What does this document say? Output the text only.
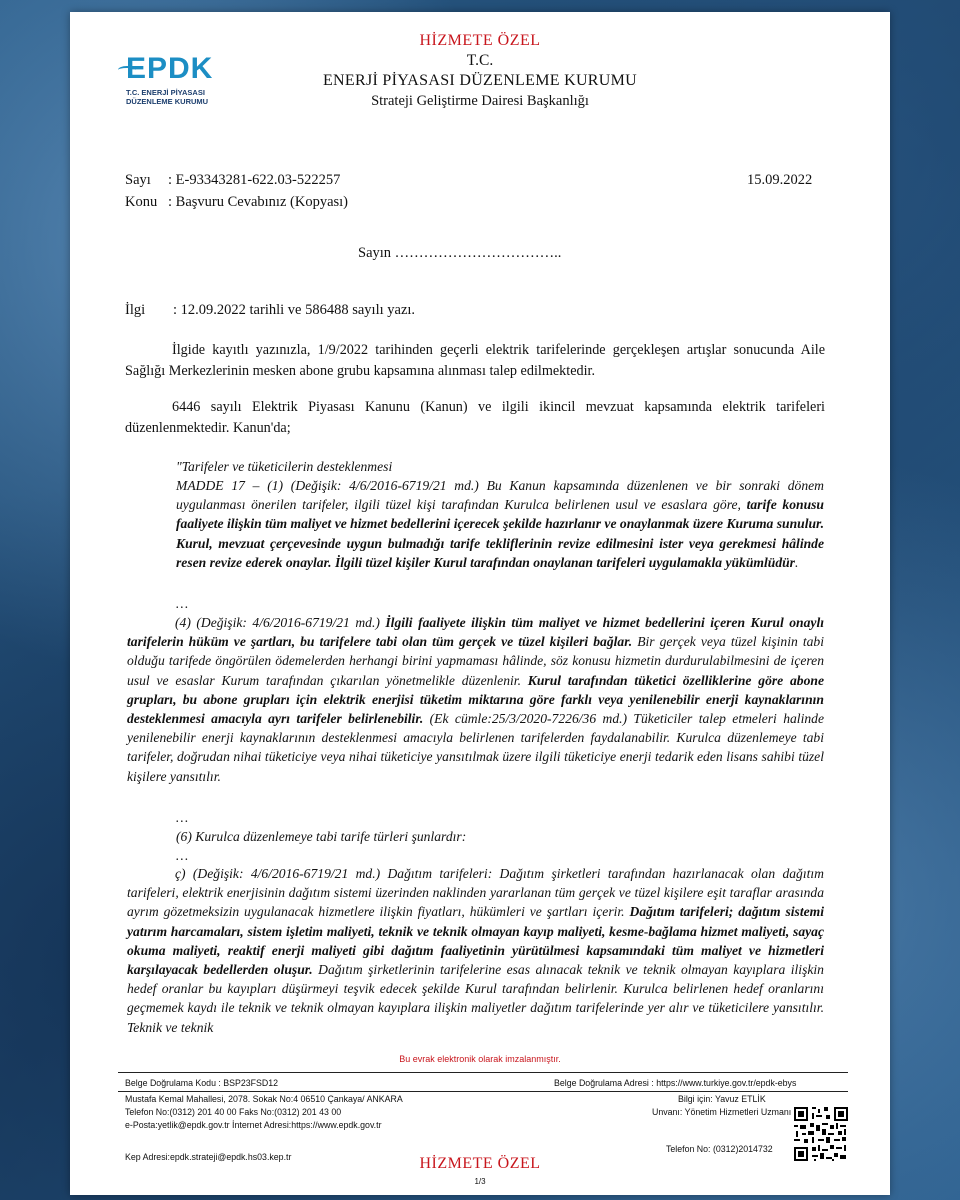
HİZMETE ÖZEL
EPDK
T.C. ENERJİ PİYASASI
DÜZENLEME KURUMU
T.C.
ENERJİ PİYASASI DÜZENLEME KURUMU
Strateji Geliştirme Dairesi Başkanlığı
Sayı : E-93343281-622.03-522257	15.09.2022
Konu : Başvuru Cevabınız (Kopyası)
Sayın ……………………………..
İlgi : 12.09.2022 tarihli ve 586488 sayılı yazı.
İlgide kayıtlı yazınızla, 1/9/2022 tarihinden geçerli elektrik tarifelerinde gerçekleşen artışlar sonucunda Aile Sağlığı Merkezlerinin mesken abone grubu kapsamına alınması talep edilmektedir.
6446 sayılı Elektrik Piyasası Kanunu (Kanun) ve ilgili ikincil mevzuat kapsamında elektrik tarifeleri düzenlenmektedir. Kanun'da;
"Tarifeler ve tüketicilerin desteklenmesi
MADDE 17 – (1) (Değişik: 4/6/2016-6719/21 md.) Bu Kanun kapsamında düzenlenen ve bir sonraki dönem uygulanması önerilen tarifeler, ilgili tüzel kişi tarafından Kurulca belirlenen usul ve esaslara göre, tarife konusu faaliyete ilişkin tüm maliyet ve hizmet bedellerini içerecek şekilde hazırlanır ve onaylanmak üzere Kuruma sunulur. Kurul, mevzuat çerçevesinde uygun bulmadığı tarife tekliflerinin revize edilmesini ister veya gerekmesi hâlinde resen revize ederek onaylar. İlgili tüzel kişiler Kurul tarafından onaylanan tarifeleri uygulamakla yükümlüdür.
…
(4) (Değişik: 4/6/2016-6719/21 md.) İlgili faaliyete ilişkin tüm maliyet ve hizmet bedellerini içeren Kurul onaylı tarifelerin hüküm ve şartları, bu tarifelere tabi olan tüm gerçek ve tüzel kişileri bağlar. Bir gerçek veya tüzel kişinin tabi olduğu tarifede öngörülen ödemelerden herhangi birini yapmaması hâlinde, söz konusu hizmetin durdurulabilmesini de içeren usul ve esaslar Kurum tarafından çıkarılan yönetmelikle düzenlenir. Kurul tarafından tüketici özelliklerine göre abone grupları, bu abone grupları için elektrik enerjisi tüketim miktarına göre farklı veya yenilenebilir enerji kaynaklarının desteklenmesi amacıyla ayrı tarifeler belirlenebilir. (Ek cümle:25/3/2020-7226/36 md.) Tüketiciler talep etmeleri halinde yenilenebilir enerji kaynaklarının desteklenmesi amacıyla belirlenen tarifelerden faydalanabilir. Kurulca düzenlemeye tabi tarifeler, doğrudan nihai tüketiciye veya nihai tüketiciye yansıtılmak üzere ilgili tüketiciye enerji tedarik eden lisans sahibi tüzel kişilere yansıtılır.
…
(6) Kurulca düzenlemeye tabi tarife türleri şunlardır:
…
ç) (Değişik: 4/6/2016-6719/21 md.) Dağıtım tarifeleri: Dağıtım şirketleri tarafından hazırlanacak olan dağıtım tarifeleri, elektrik enerjisinin dağıtım sistemi üzerinden naklinden yararlanan tüm gerçek ve tüzel kişilere eşit taraflar arasında ayrım gözetmeksizin uygulanacak hizmetlere ilişkin fiyatları, hükümleri ve şartları içerir. Dağıtım tarifeleri; dağıtım sistemi yatırım harcamaları, sistem işletim maliyeti, teknik ve teknik olmayan kayıp maliyeti, kesme-bağlama hizmet maliyeti, sayaç okuma maliyeti, reaktif enerji maliyeti gibi dağıtım faaliyetinin yürütülmesi kapsamındaki tüm maliyet ve hizmetleri karşılayacak bedellerden oluşur. Dağıtım şirketlerinin tarifelerine esas alınacak teknik ve teknik olmayan kayıplara ilişkin hedef oranlar bu kayıpları düşürmeyi teşvik edecek şekilde Kurul tarafından belirlenir. Kurulca belirlenen hedef oranlarını geçmemek kaydı ile teknik ve teknik olmayan kayıplara ilişkin maliyetler dağıtım tarifelerinde yer alır ve tüketicilere yansıtılır. Teknik ve teknik
Bu evrak elektronik olarak imzalanmıştır.
Belge Doğrulama Kodu : BSP23FSD12	Belge Doğrulama Adresi : https://www.turkiye.gov.tr/epdk-ebys
Mustafa Kemal Mahallesi, 2078. Sokak No:4 06510 Çankaya/ ANKARA
Telefon No:(0312) 201 40 00 Faks No:(0312) 201 43 00
e-Posta:yetlik@epdk.gov.tr İnternet Adresi:https://www.epdk.gov.tr
Kep Adresi:epdk.strateji@epdk.hs03.kep.tr
Bilgi için: Yavuz ETLİK
Unvanı: Yönetim Hizmetleri Uzmanı
Telefon No: (0312)2014732
HİZMETE ÖZEL
1/3
